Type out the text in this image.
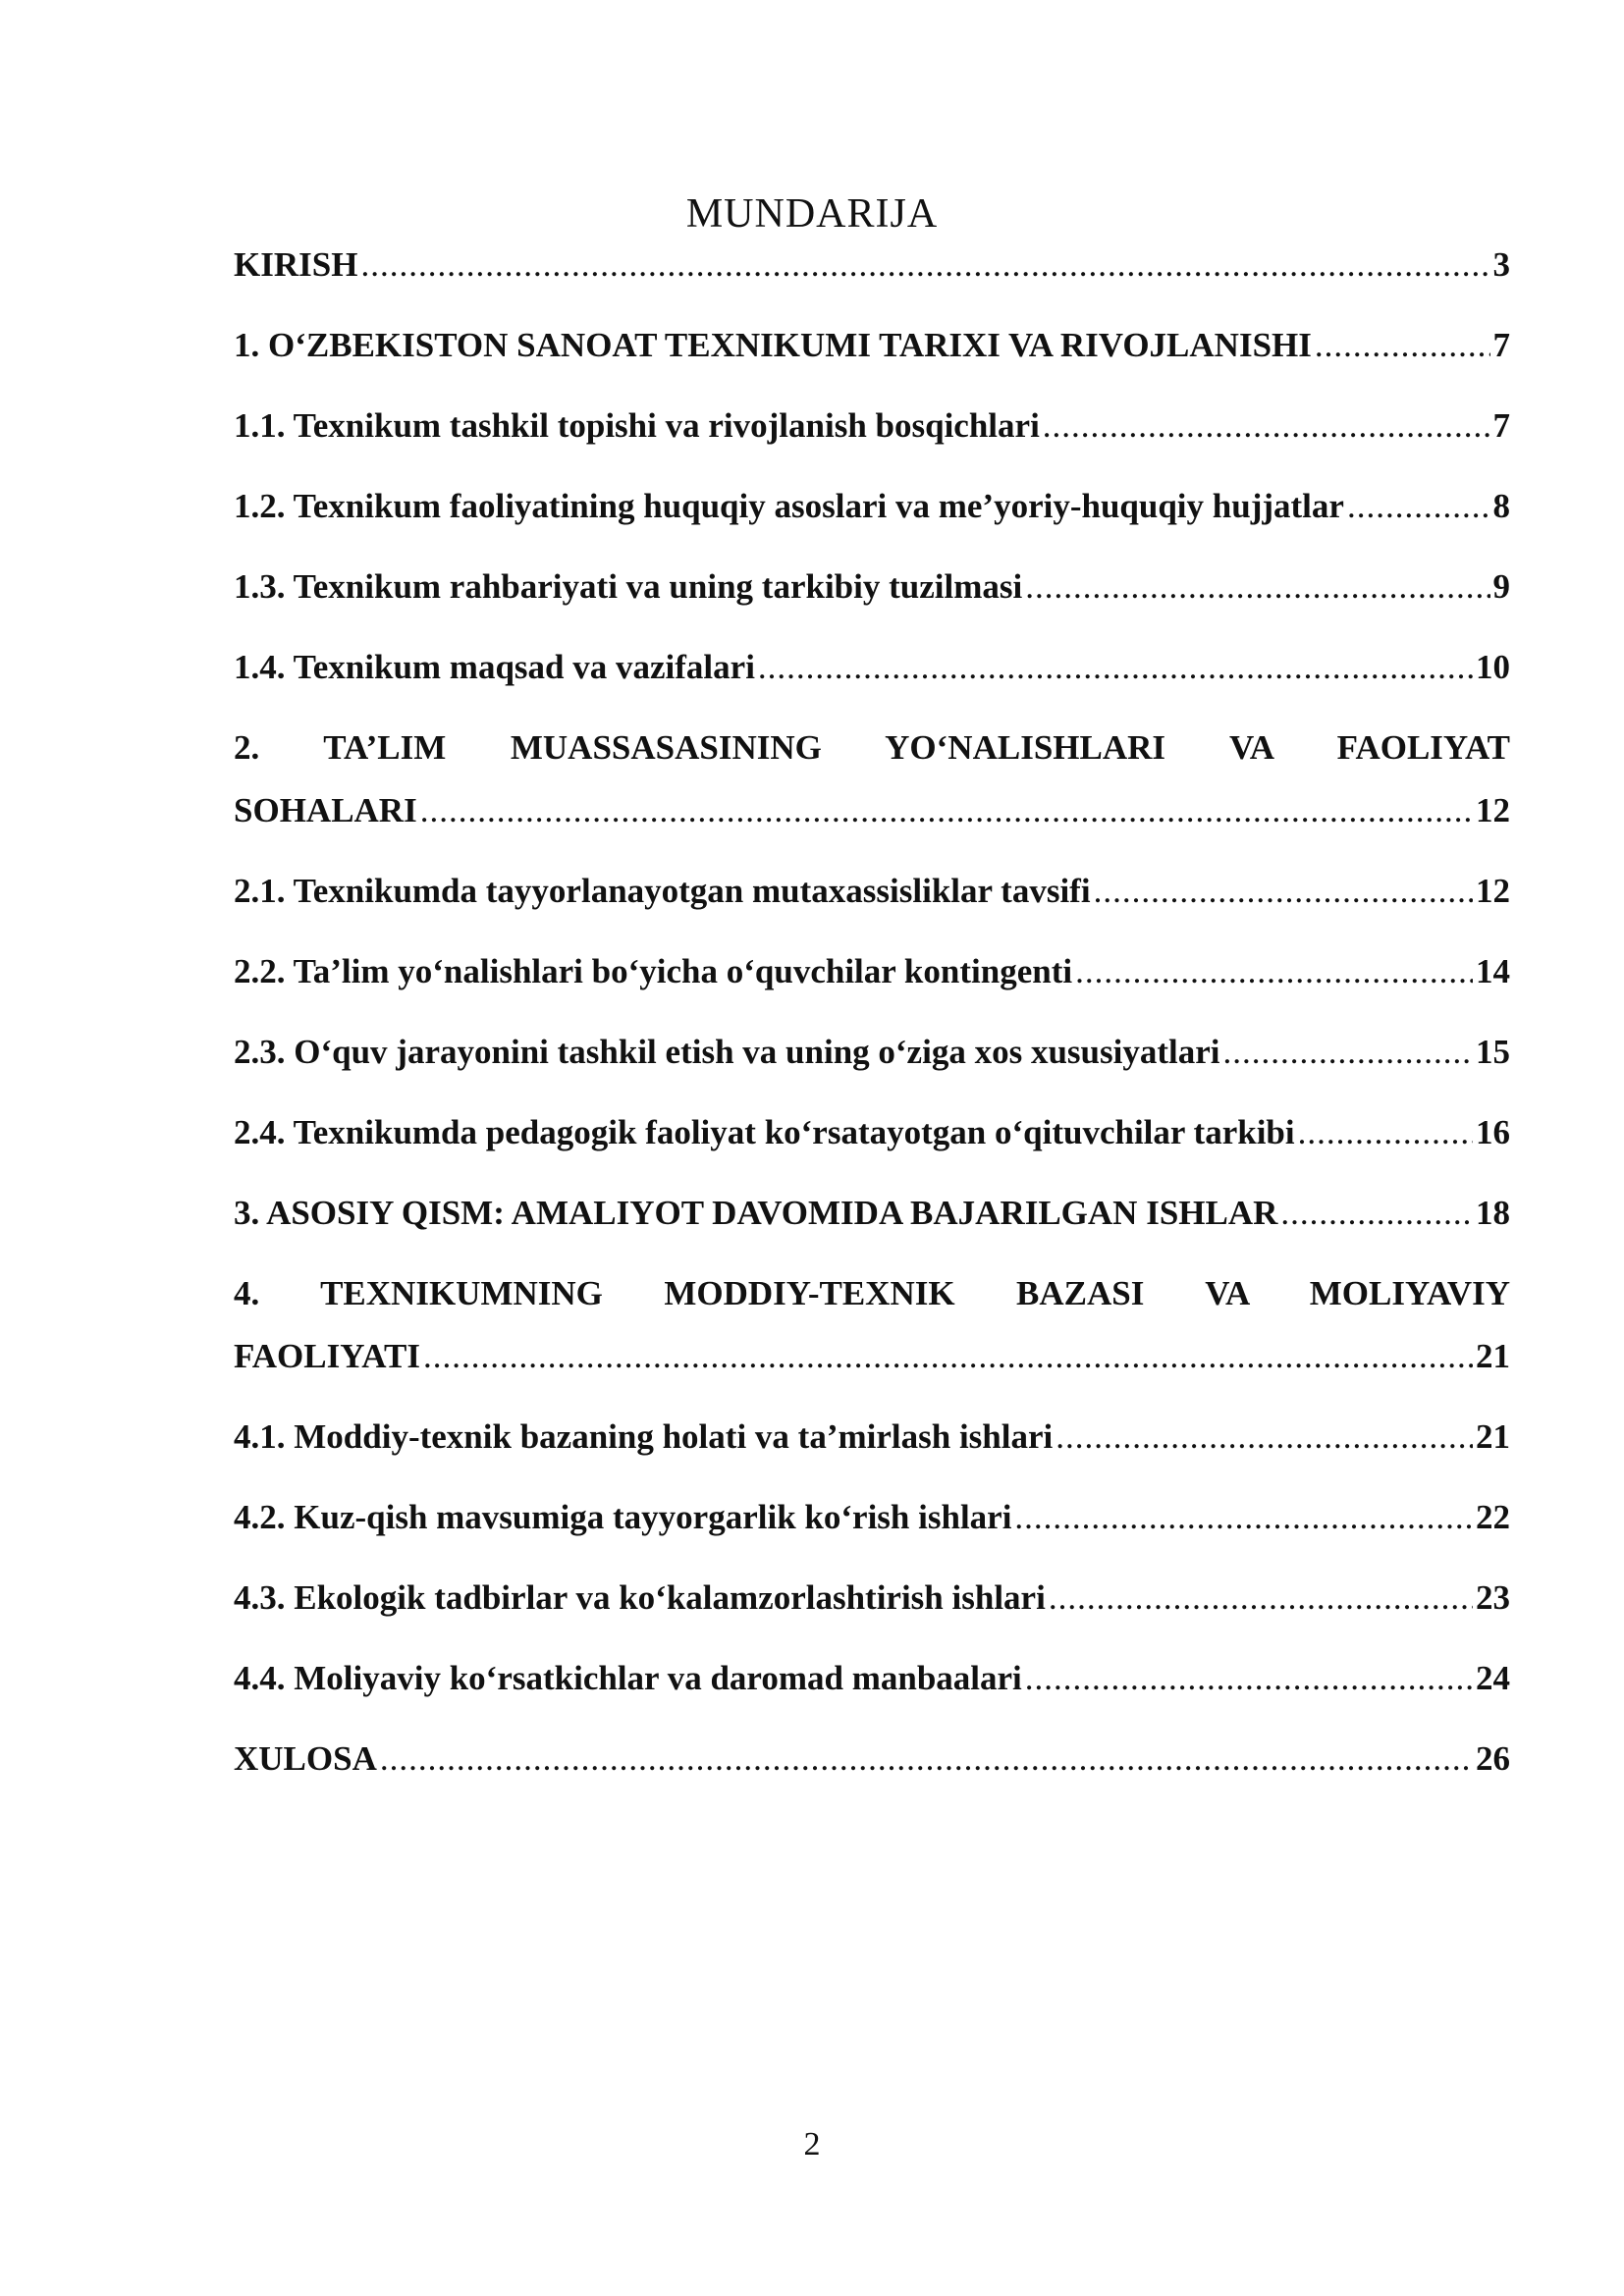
MUNDARIJA
KIRISH .....	3
1. O‘ZBEKISTON SANOAT TEXNIKUMI TARIXI VA RIVOJLANISHI .....	7
1.1. Texnikum tashkil topishi va rivojlanish bosqichlari .....	7
1.2. Texnikum faoliyatining huquqiy asoslari va me’yoriy-huquqiy hujjatlar .....	8
1.3. Texnikum rahbariyati va uning tarkibiy tuzilmasi .....	9
1.4. Texnikum maqsad va vazifalari .....	10
2. TA’LIM MUASSASASINING YO‘NALISHLARI VA FAOLIYAT
SOHALARI .....	12
2.1. Texnikumda tayyorlanayotgan mutaxassisliklar tavsifi .....	12
2.2. Ta’lim yo‘nalishlari bo‘yicha o‘quvchilar kontingenti .....	14
2.3. O‘quv jarayonini tashkil etish va uning o‘ziga xos xususiyatlari .....	15
2.4. Texnikumda pedagogik faoliyat ko‘rsatayotgan o‘qituvchilar tarkibi .....	16
3. ASOSIY QISM: AMALIYOT DAVOMIDA BAJARILGAN ISHLAR .....	18
4. TEXNIKUMNING MODDIY-TEXNIK BAZASI VA MOLIYAVIY
FAOLIYATI .....	21
4.1. Moddiy-texnik bazaning holati va ta’mirlash ishlari .....	21
4.2. Kuz-qish mavsumiga tayyorgarlik ko‘rish ishlari .....	22
4.3. Ekologik tadbirlar va ko‘kalamzorlashtirish ishlari .....	23
4.4. Moliyaviy ko‘rsatkichlar va daromad manbaalari .....	24
XULOSA .....	26
2
